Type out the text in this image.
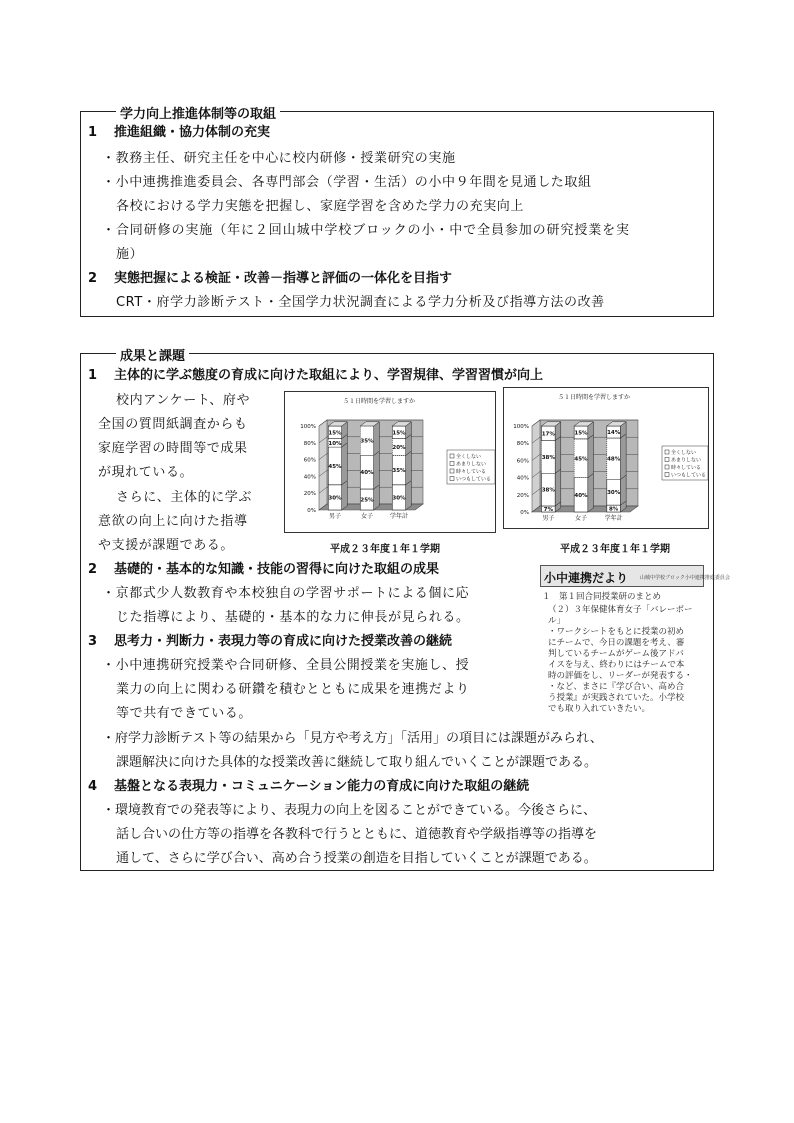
学力向上推進体制等の取組
1 推進組織・協力体制の充実
・教務主任、研究主任を中心に校内研修・授業研究の実施
・小中連携推進委員会、各専門部会（学習・生活）の小中９年間を見通した取組
各校における学力実態を把握し、家庭学習を含めた学力の充実向上
・合同研修の実施（年に２回山城中学校ブロックの小・中で全員参加の研究授業を実
施）
2 実態把握による検証・改善－指導と評価の一体化を目指す
CRT・府学力診断テスト・全国学力状況調査による学力分析及び指導方法の改善
成果と課題
1 主体的に学ぶ態度の育成に向けた取組により、学習規律、学習習慣が向上
校内アンケート、府や
全国の質問紙調査からも
家庭学習の時間等で成果
が現れている。
さらに、主体的に学ぶ
意欲の向上に向けた指導
や支援が課題である。
５１日時間を学習しますか
0%
20%
40%
60%
80%
100%
30%
45%
10%
15%
男子
25%
40%
35%
女子
30%
35%
20%
15%
学年計
全くしない
あまりしない
時々している
いつもしている
平成２３年度１年１学期
５１日時間を学習しますか
0%
20%
40%
60%
80%
100%
7%
38%
38%
17%
男子
40%
45%
15%
女子
8%
30%
48%
14%
学年計
全くしない
あまりしない
時々している
いつもしている
平成２３年度１年１学期
2 基礎的・基本的な知識・技能の習得に向けた取組の成果
・京都式少人数教育や本校独自の学習サポートによる個に応
じた指導により、基礎的・基本的な力に伸長が見られる。
3 思考力・判断力・表現力等の育成に向けた授業改善の継続
・小中連携研究授業や合同研修、全員公開授業を実施し、授
業力の向上に関わる研鑽を積むとともに成果を連携だより
等で共有できている。
・府学力診断テスト等の結果から「見方や考え方」「活用」の項目には課題がみられ、
課題解決に向けた具体的な授業改善に継続して取り組んでいくことが課題である。
小中連携だより 山城中学校ブロック小中連携推進委員会
１　第１回合同授業研のまとめ
（２）３年保健体育女子「バレーボー
ル」
・ワークシートをもとに授業の初め
にチームで、今日の課題を考え、審
判しているチームがゲーム後アドバ
イスを与え、終わりにはチームで本
時の評価をし、リーダーが発表する・
・など、まさに『学び合い、高め合
う授業』が実践されていた。小学校
でも取り入れていきたい。
4 基盤となる表現力・コミュニケーション能力の育成に向けた取組の継続
・環境教育での発表等により、表現力の向上を図ることができている。今後さらに、
話し合いの仕方等の指導を各教科で行うとともに、道徳教育や学級指導等の指導を
通して、さらに学び合い、高め合う授業の創造を目指していくことが課題である。
